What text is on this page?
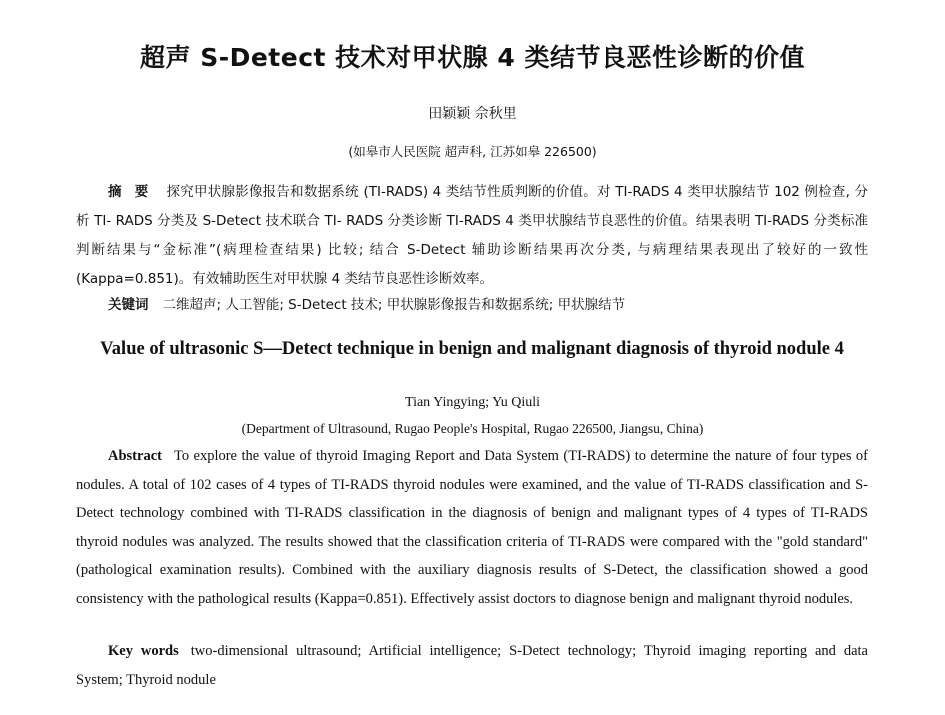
超声 S-Detect 技术对甲状腺 4 类结节良恶性诊断的价值
田颖颖 佘秋里
(如皋市人民医院 超声科, 江苏如皋 226500)
摘 要 探究甲状腺影像报告和数据系统 (TI-RADS) 4 类结节性质判断的价值。对 TI-RADS 4 类甲状腺结节 102 例检查, 分析 TI- RADS 分类及 S-Detect 技术联合 TI- RADS 分类诊断 TI-RADS 4 类甲状腺结节良恶性的价值。结果表明 TI-RADS 分类标准判断结果与“金标准”(病理检查结果) 比较; 结合 S-Detect 辅助诊断结果再次分类, 与病理结果表现出了较好的一致性 (Kappa=0.851)。有效辅助医生对甲状腺 4 类结节良恶性诊断效率。
关键词 二维超声; 人工智能; S-Detect 技术; 甲状腺影像报告和数据系统; 甲状腺结节
Value of ultrasonic S—Detect technique in benign and malignant diagnosis of thyroid nodule 4
Tian Yingying; Yu Qiuli
(Department of Ultrasound, Rugao People's Hospital, Rugao 226500, Jiangsu, China)
Abstract To explore the value of thyroid Imaging Report and Data System (TI-RADS) to determine the nature of four types of nodules. A total of 102 cases of 4 types of TI-RADS thyroid nodules were examined, and the value of TI-RADS classification and S-Detect technology combined with TI-RADS classification in the diagnosis of benign and malignant types of 4 types of TI-RADS thyroid nodules was analyzed. The results showed that the classification criteria of TI-RADS were compared with the "gold standard" (pathological examination results). Combined with the auxiliary diagnosis results of S-Detect, the classification showed a good consistency with the pathological results (Kappa=0.851). Effectively assist doctors to diagnose benign and malignant thyroid nodules.
Key words two-dimensional ultrasound; Artificial intelligence; S-Detect technology; Thyroid imaging reporting and data System; Thyroid nodule
